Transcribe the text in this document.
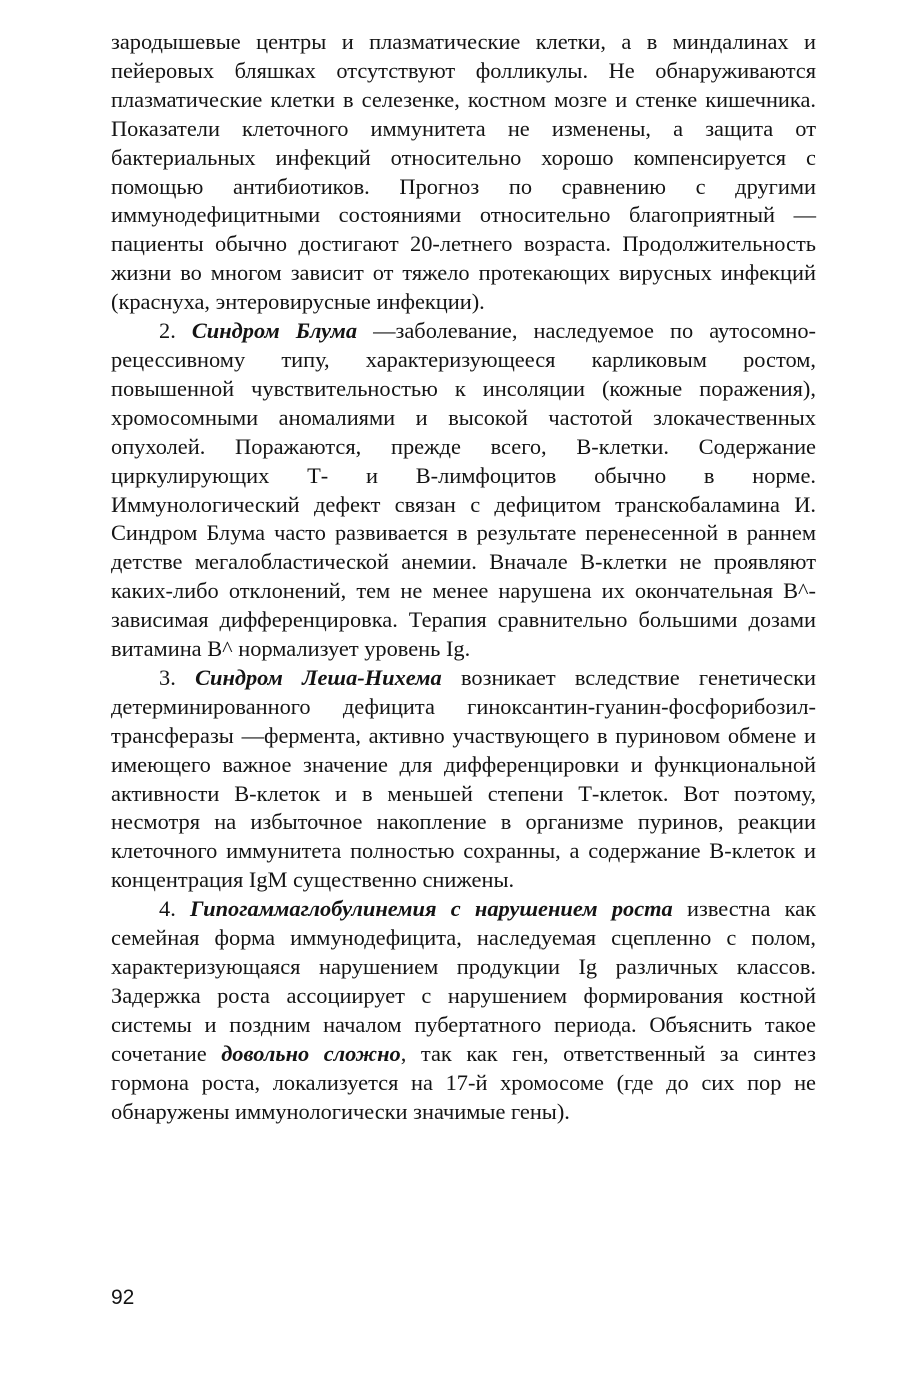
зародышевые центры и плазматические клетки, а в миндалинах и пейеровых бляшках отсутствуют фолликулы. Не обнаруживаются плазматические клетки в селезенке, костном мозге и стенке кишечника. Показатели клеточного иммунитета не изменены, а защита от бактериальных инфекций относительно хорошо компенсируется с помощью антибиотиков. Прогноз по сравнению с другими иммунодефицитными состояниями относительно благоприятный — пациенты обычно достигают 20-летнего возраста. Продолжительность жизни во многом зависит от тяжело протекающих вирусных инфекций (краснуха, энтеровирусные инфекции).

2. Синдром Блума —заболевание, наследуемое по аутосомно-рецессивному типу, характеризующееся карликовым ростом, повышенной чувствительностью к инсоляции (кожные поражения), хромосомными аномалиями и высокой частотой злокачественных опухолей. Поражаются, прежде всего, В-клетки. Содержание циркулирующих Т- и В-лимфоцитов обычно в норме. Иммунологический дефект связан с дефицитом транскобаламина И. Синдром Блума часто развивается в результате перенесенной в раннем детстве мегалобластической анемии. Вначале В-клетки не проявляют каких-либо отклонений, тем не менее нарушена их окончательная В^-зависимая дифференцировка. Терапия сравнительно большими дозами витамина В^ нормализует уровень Ig.

3. Синдром Леша-Нихема возникает вследствие генетически детерминированного дефицита гиноксантин-гуанин-фосфорибозил-трансферазы —фермента, активно участвующего в пуриновом обмене и имеющего важное значение для дифференцировки и функциональной активности В-клеток и в меньшей степени Т-клеток. Вот поэтому, несмотря на избыточное накопление в организме пуринов, реакции клеточного иммунитета полностью сохранны, а содержание В-клеток и концентрация IgM существенно снижены.

4. Гипогаммаглобулинемия с нарушением роста известна как семейная форма иммунодефицита, наследуемая сцепленно с полом, характеризующаяся нарушением продукции Ig различных классов. Задержка роста ассоциирует с нарушением формирования костной системы и поздним началом пубертатного периода. Объяснить такое сочетание довольно сложно, так как ген, ответственный за синтез гормона роста, локализуется на 17-й хромосоме (где до сих пор не обнаружены иммунологически значимые гены).

92
